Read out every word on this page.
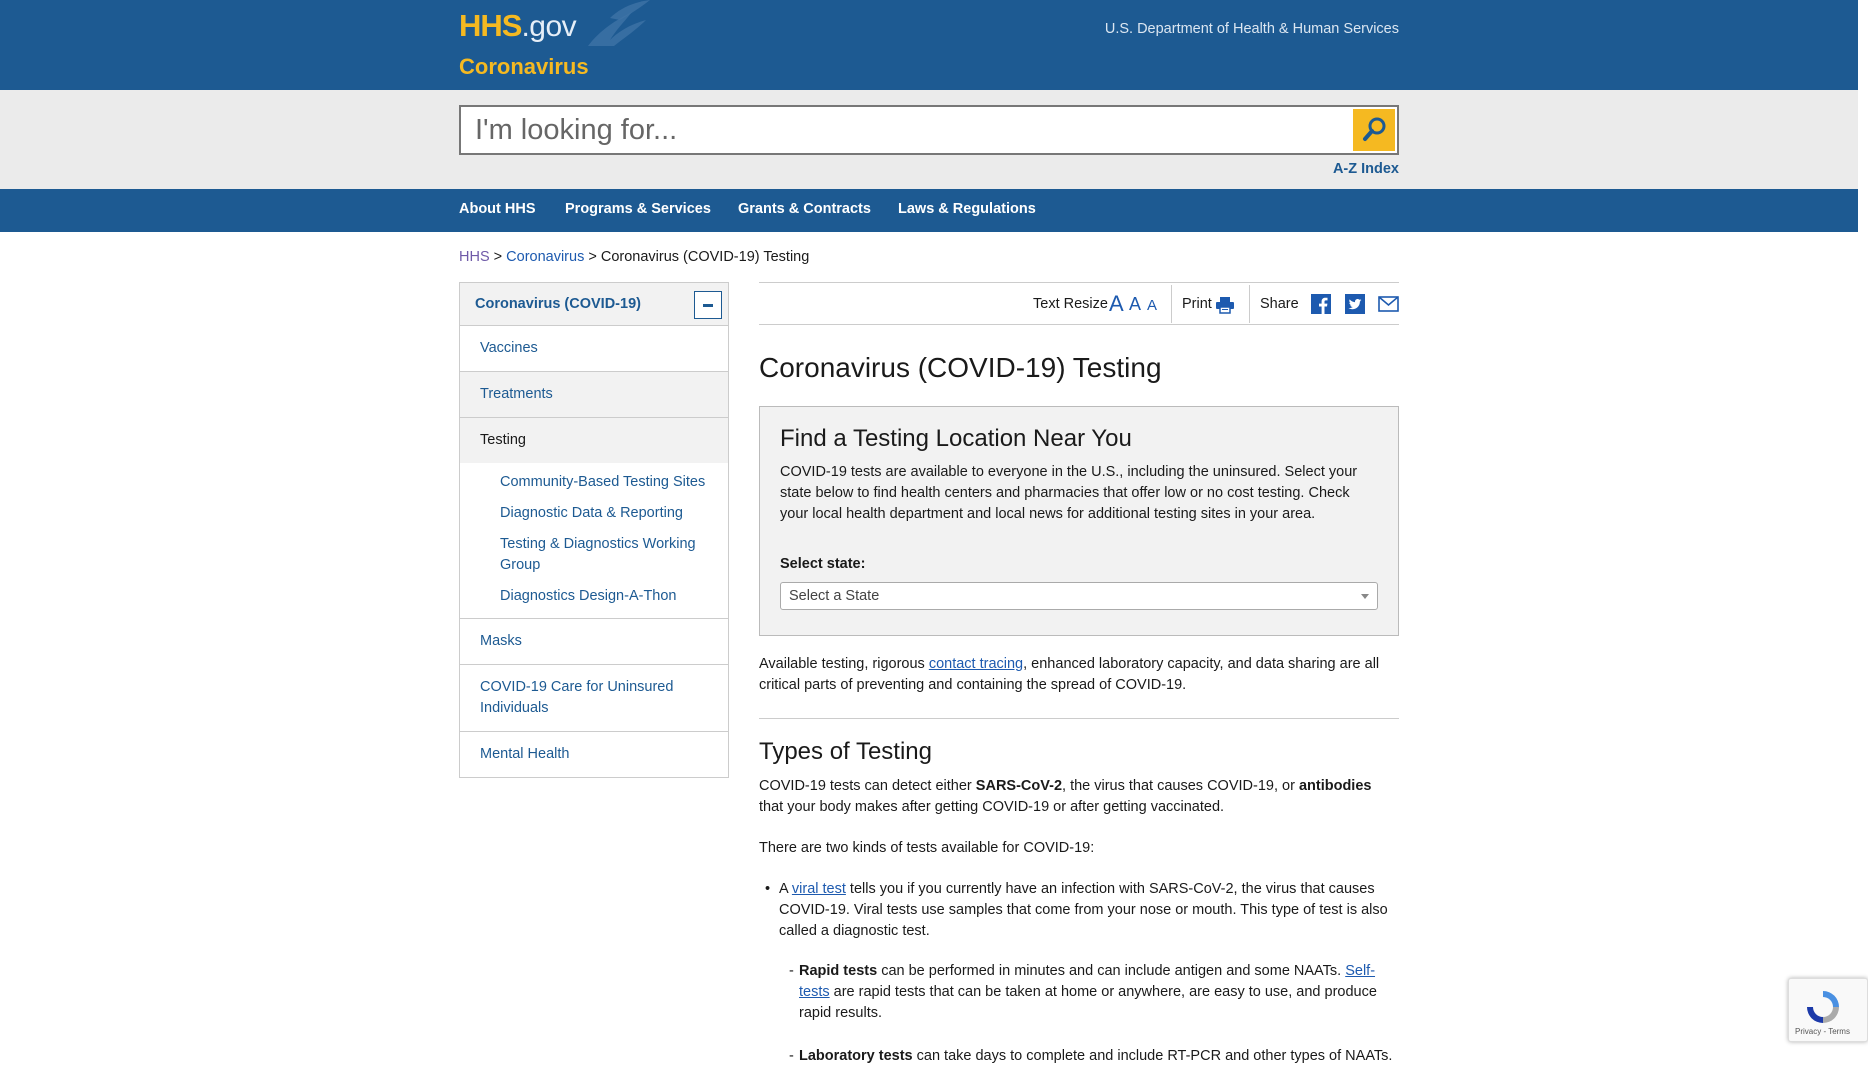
HHS.gov
Coronavirus
U.S. Department of Health & Human Services
I'm looking for...
A-Z Index
About HHS Programs & Services Grants & Contracts Laws & Regulations
HHS > Coronavirus > Coronavirus (COVID-19) Testing
Coronavirus (COVID-19)
Vaccines
Treatments
Testing
Community-Based Testing Sites
Diagnostic Data & Reporting
Testing & Diagnostics Working Group
Diagnostics Design-A-Thon
Masks
COVID-19 Care for Uninsured Individuals
Mental Health
Text Resize A A A Print	Share
Coronavirus (COVID-19) Testing
Find a Testing Location Near You

COVID-19 tests are available to everyone in the U.S., including the uninsured. Select your state below to find health centers and pharmacies that offer low or no cost testing. Check your local health department and local news for additional testing sites in your area.

Select state:

Select a State

Available testing, rigorous contact tracing, enhanced laboratory capacity, and data sharing are all critical parts of preventing and containing the spread of COVID-19.

Types of Testing

COVID-19 tests can detect either SARS-CoV-2, the virus that causes COVID-19, or antibodies that your body makes after getting COVID-19 or after getting vaccinated.

There are two kinds of tests available for COVID-19:

• A viral test tells you if you currently have an infection with SARS-CoV-2, the virus that causes COVID-19. Viral tests use samples that come from your nose or mouth. This type of test is also called a diagnostic test.

- Rapid tests can be performed in minutes and can include antigen and some NAATs. Self-tests are rapid tests that can be taken at home or anywhere, are easy to use, and produce rapid results.

- Laboratory tests can take days to complete and include RT-PCR and other types of NAATs.

Privacy - Terms
